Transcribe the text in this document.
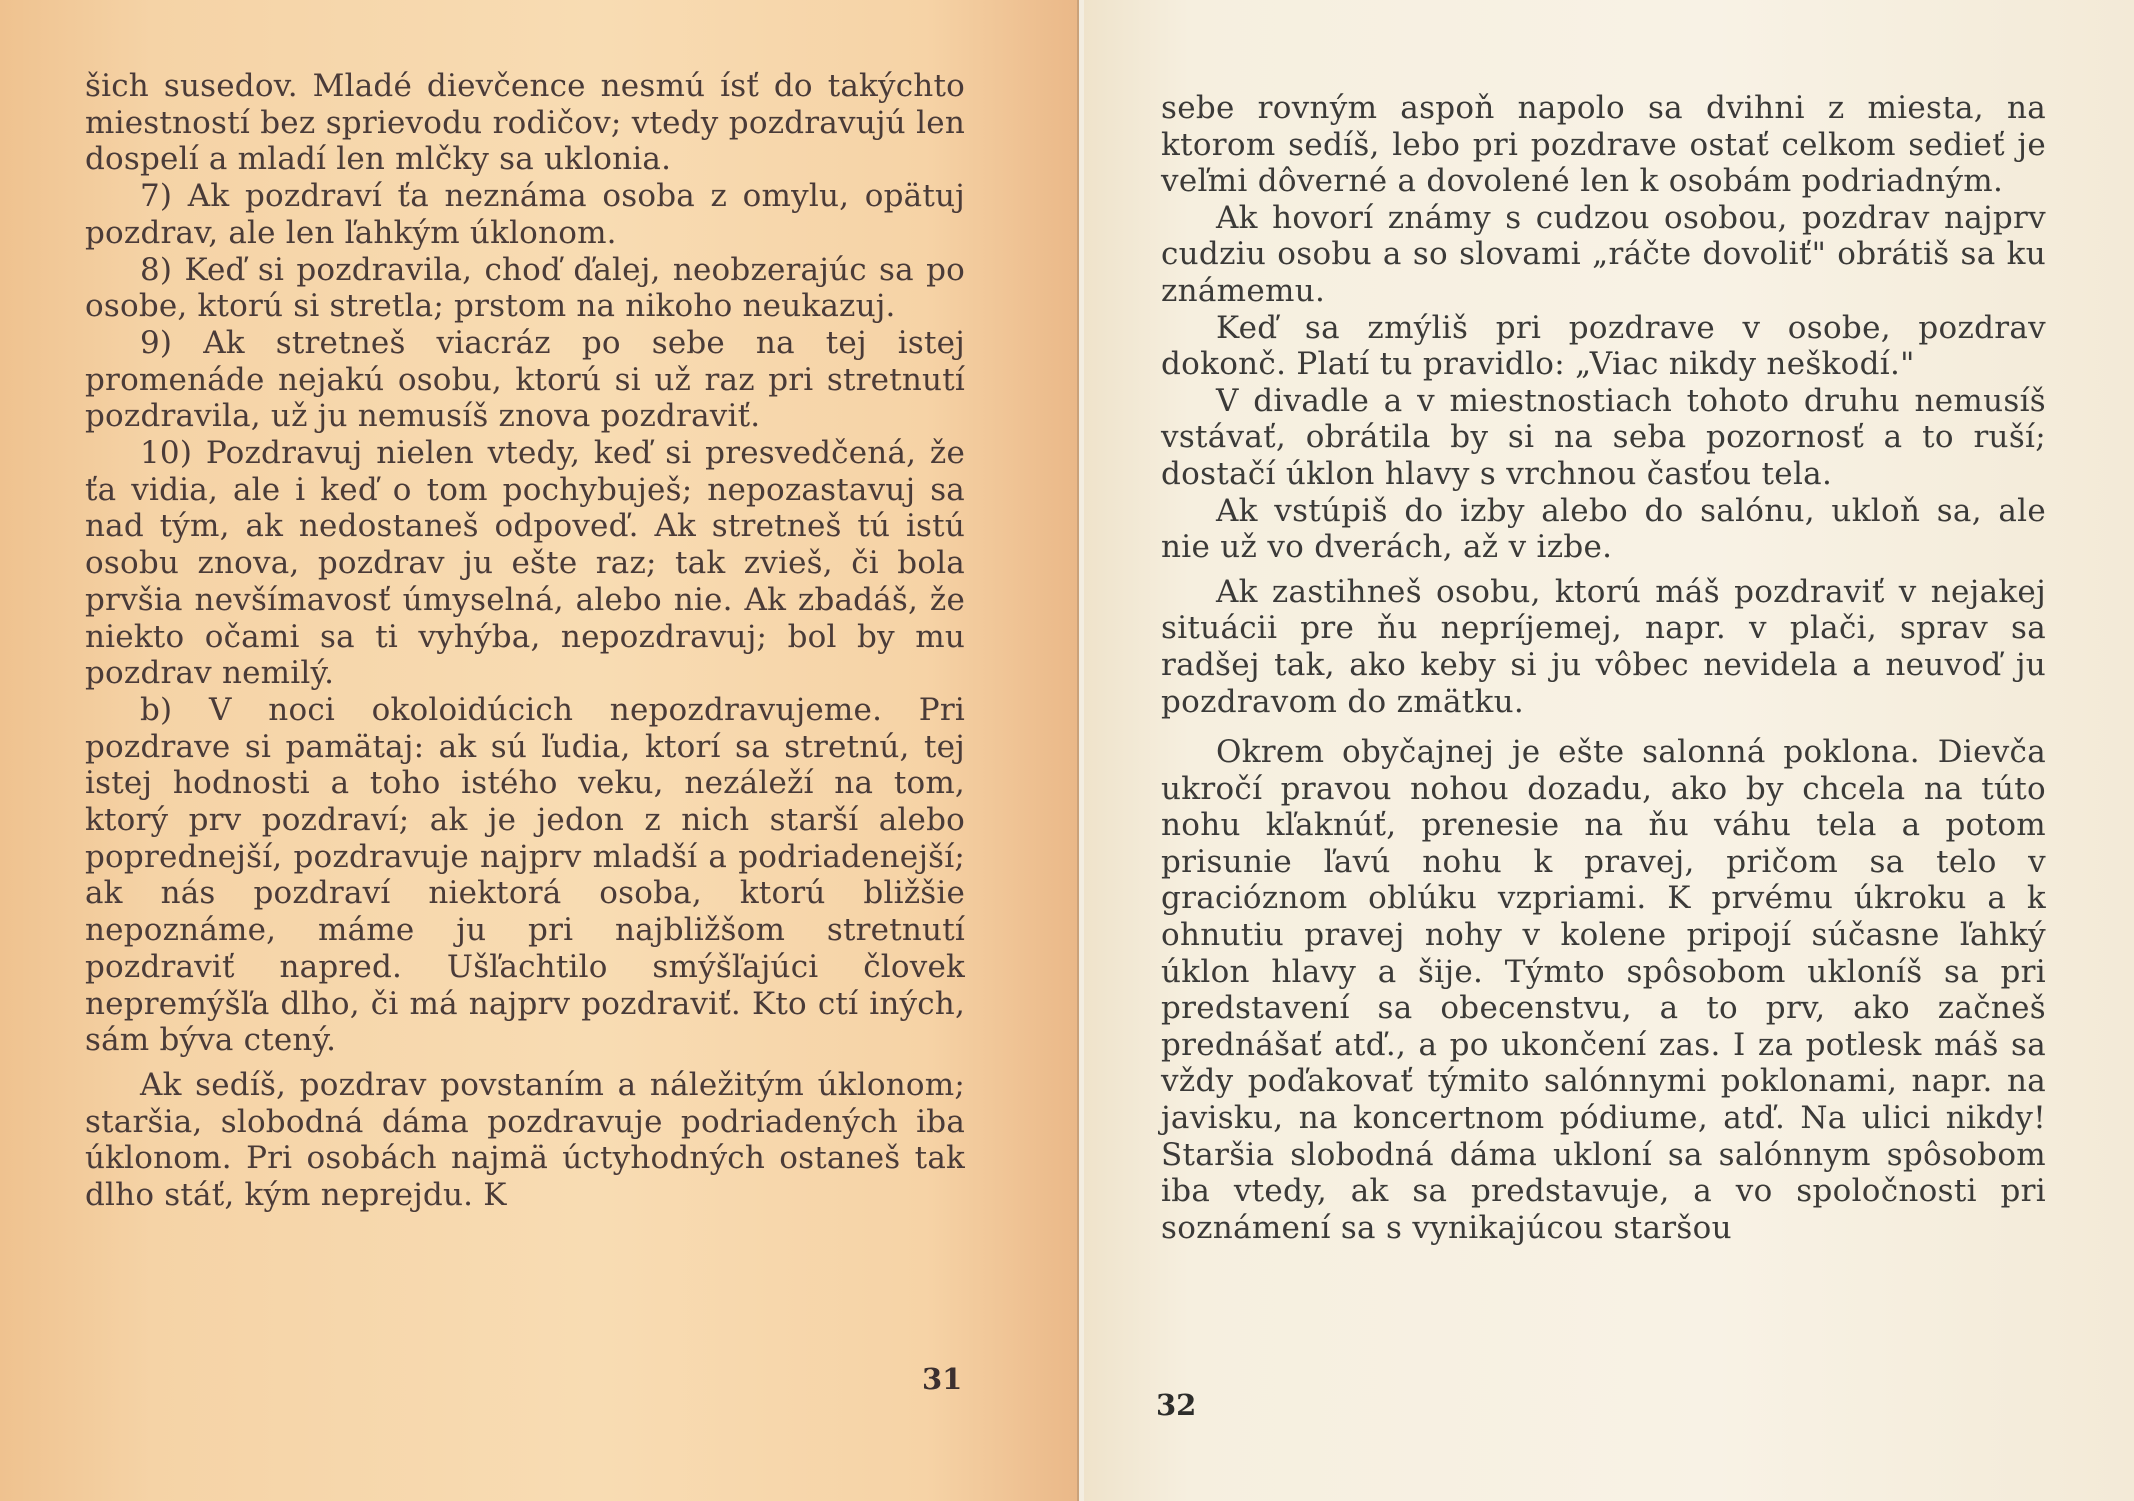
šich susedov. Mladé dievčence nesmú ísť do takýchto miestností bez sprievodu rodičov; vtedy pozdravujú len dospelí a mladí len mlčky sa uklonia.

7) Ak pozdraví ťa neznáma osoba z omylu, opätuj pozdrav, ale len ľahkým úklonom.

8) Keď si pozdravila, choď ďalej, neobzerajúc sa po osobe, ktorú si stretla; prstom na nikoho neukazuj.

9) Ak stretneš viacráz po sebe na tej istej promenáde nejakú osobu, ktorú si už raz pri stretnutí pozdravila, už ju nemusíš znova pozdraviť.

10) Pozdravuj nielen vtedy, keď si presvedčená, že ťa vidia, ale i keď o tom pochybuješ; nepozastavuj sa nad tým, ak nedostaneš odpoveď. Ak stretneš tú istú osobu znova, pozdrav ju ešte raz; tak zvieš, či bola prvšia nevšímavosť úmyselná, alebo nie. Ak zbadáš, že niekto očami sa ti vyhýba, nepozdravuj; bol by mu pozdrav nemilý.

b) V noci okoloidúcich nepozdravujeme. Pri pozdrave si pamätaj: ak sú ľudia, ktorí sa stretnú, tej istej hodnosti a toho istého veku, nezáleží na tom, ktorý prv pozdraví; ak je jedon z nich starší alebo poprednejší, pozdravuje najprv mladší a podriadenejší; ak nás pozdraví niektorá osoba, ktorú bližšie nepoznáme, máme ju pri najbližšom stretnutí pozdraviť napred. Ušľachtilo smýšľajúci človek nepremýšľa dlho, či má najprv pozdraviť. Kto ctí iných, sám býva ctený.

Ak sedíš, pozdrav povstaním a náležitým úklonom; staršia, slobodná dáma pozdravuje podriadených iba úklonom. Pri osobách najmä úctyhodných ostaneš tak dlho stáť, kým neprejdu. K

31

sebe rovným aspoň napolo sa dvihni z miesta, na ktorom sedíš, lebo pri pozdrave ostať celkom sedieť je veľmi dôverné a dovolené len k osobám podriadným.

Ak hovorí známy s cudzou osobou, pozdrav najprv cudziu osobu a so slovami „ráčte dovoliť" obrátiš sa ku známemu.

Keď sa zmýliš pri pozdrave v osobe, pozdrav dokonč. Platí tu pravidlo: „Viac nikdy neškodí."

V divadle a v miestnostiach tohoto druhu nemusíš vstávať, obrátila by si na seba pozornosť a to ruší; dostačí úklon hlavy s vrchnou časťou tela.

Ak vstúpiš do izby alebo do salónu, ukloň sa, ale nie už vo dverách, až v izbe.

Ak zastihneš osobu, ktorú máš pozdraviť v nejakej situácii pre ňu nepríjemej, napr. v plači, sprav sa radšej tak, ako keby si ju vôbec nevidela a neuvoď ju pozdravom do zmätku.

Okrem obyčajnej je ešte salonná poklona. Dievča ukročí pravou nohou dozadu, ako by chcela na túto nohu kľaknúť, prenesie na ňu váhu tela a potom prisunie ľavú nohu k pravej, pričom sa telo v gracióznom oblúku vzpriami. K prvému úkroku a k ohnutiu pravej nohy v kolene pripojí súčasne ľahký úklon hlavy a šije. Týmto spôsobom ukloníš sa pri predstavení sa obecenstvu, a to prv, ako začneš prednášať atď., a po ukončení zas. I za potlesk máš sa vždy poďakovať týmito salónnymi poklonami, napr. na javisku, na koncertnom pódiume, atď. Na ulici nikdy! Staršia slobodná dáma ukloní sa salónnym spôsobom iba vtedy, ak sa predstavuje, a vo spoločnosti pri soznámení sa s vynikajúcou staršou

32
